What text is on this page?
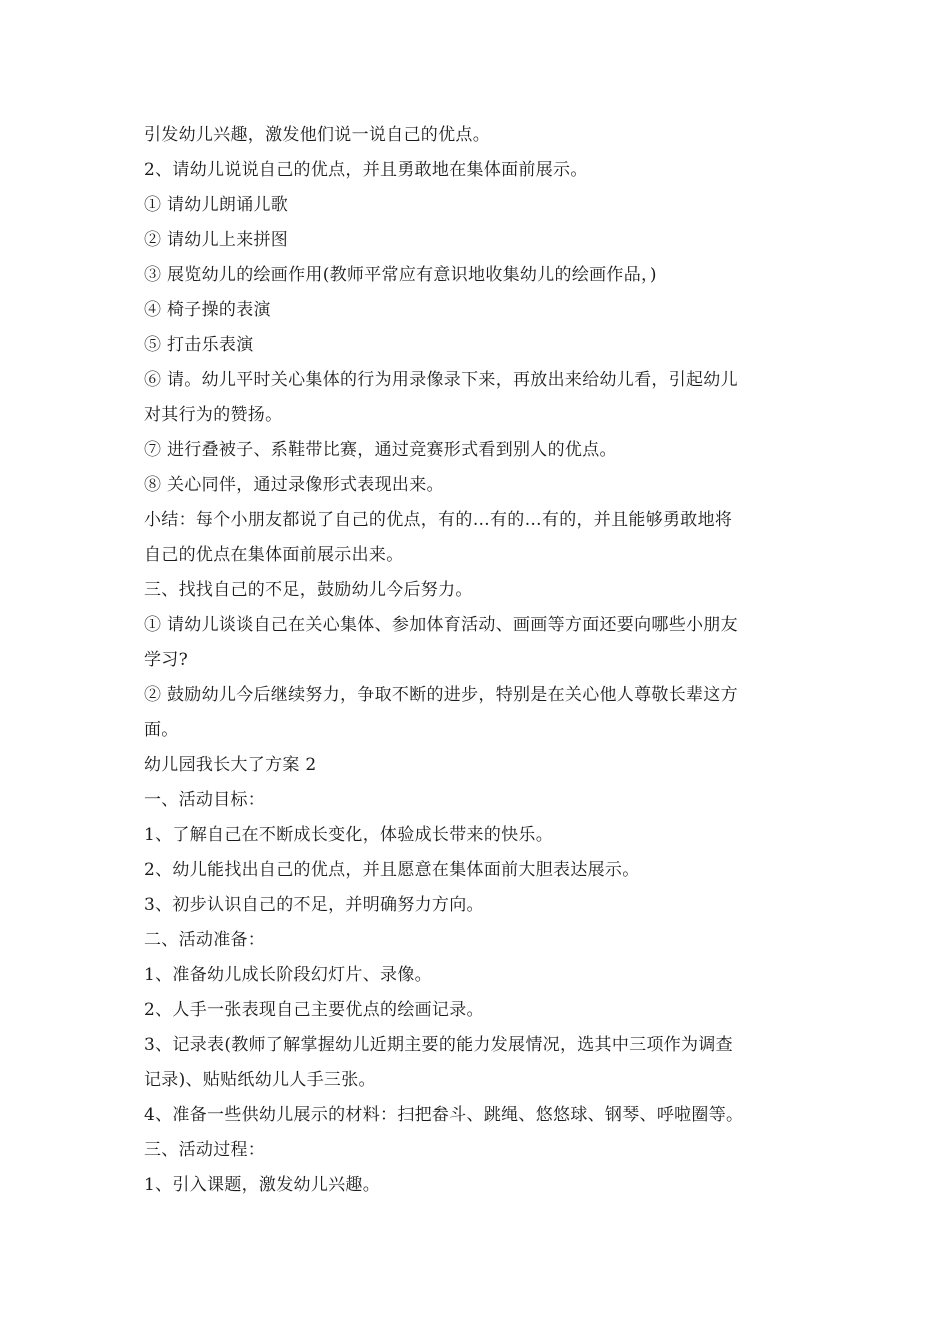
引发幼儿兴趣，激发他们说一说自己的优点。
2、请幼儿说说自己的优点，并且勇敢地在集体面前展示。
① 请幼儿朗诵儿歌
② 请幼儿上来拼图
③ 展览幼儿的绘画作用(教师平常应有意识地收集幼儿的绘画作品，)
④ 椅子操的表演
⑤ 打击乐表演
⑥ 请。幼儿平时关心集体的行为用录像录下来，再放出来给幼儿看，引起幼儿
对其行为的赞扬。
⑦ 进行叠被子、系鞋带比赛，通过竞赛形式看到别人的优点。
⑧ 关心同伴，通过录像形式表现出来。
小结：每个小朋友都说了自己的优点，有的…有的…有的，并且能够勇敢地将
自己的优点在集体面前展示出来。
三、找找自己的不足，鼓励幼儿今后努力。
① 请幼儿谈谈自己在关心集体、参加体育活动、画画等方面还要向哪些小朋友
学习?
② 鼓励幼儿今后继续努力，争取不断的进步，特别是在关心他人尊敬长辈这方
面。
幼儿园我长大了方案 2
一、活动目标：
1、了解自己在不断成长变化，体验成长带来的快乐。
2、幼儿能找出自己的优点，并且愿意在集体面前大胆表达展示。
3、初步认识自己的不足，并明确努力方向。
二、活动准备：
1、准备幼儿成长阶段幻灯片、录像。
2、人手一张表现自己主要优点的绘画记录。
3、记录表(教师了解掌握幼儿近期主要的能力发展情况，选其中三项作为调查
记录)、贴贴纸幼儿人手三张。
4、准备一些供幼儿展示的材料：扫把畚斗、跳绳、悠悠球、钢琴、呼啦圈等。
三、活动过程：
1、引入课题，激发幼儿兴趣。
